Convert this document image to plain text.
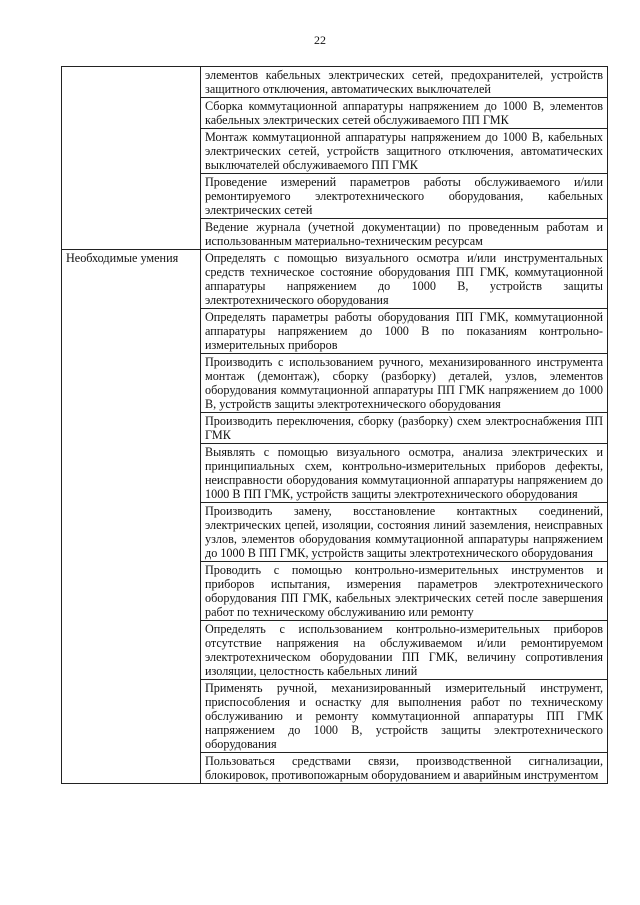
22
	элементов кабельных электрических сетей, предохранителей, устройств защитного отключения, автоматических выключателей
	Сборка коммутационной аппаратуры напряжением до 1000 В, элементов кабельных электрических сетей обслуживаемого ПП ГМК
	Монтаж коммутационной аппаратуры напряжением до 1000 В, кабельных электрических сетей, устройств защитного отключения, автоматических выключателей обслуживаемого ПП ГМК
	Проведение измерений параметров работы обслуживаемого и/или ремонтируемого электротехнического оборудования, кабельных электрических сетей
	Ведение журнала (учетной документации) по проведенным работам и использованным материально-техническим ресурсам
Необходимые умения	Определять с помощью визуального осмотра и/или инструментальных средств техническое состояние оборудования ПП ГМК, коммутационной аппаратуры напряжением до 1000 В, устройств защиты электротехнического оборудования
	Определять параметры работы оборудования ПП ГМК, коммутационной аппаратуры напряжением до 1000 В по показаниям контрольно-измерительных приборов
	Производить с использованием ручного, механизированного инструмента монтаж (демонтаж), сборку (разборку) деталей, узлов, элементов оборудования коммутационной аппаратуры ПП ГМК напряжением до 1000 В, устройств защиты электротехнического оборудования
	Производить переключения, сборку (разборку) схем электроснабжения ПП ГМК
	Выявлять с помощью визуального осмотра, анализа электрических и принципиальных схем, контрольно-измерительных приборов дефекты, неисправности оборудования коммутационной аппаратуры напряжением до 1000 В ПП ГМК, устройств защиты электротехнического оборудования
	Производить замену, восстановление контактных соединений, электрических цепей, изоляции, состояния линий заземления, неисправных узлов, элементов оборудования коммутационной аппаратуры напряжением до 1000 В ПП ГМК, устройств защиты электротехнического оборудования
	Проводить с помощью контрольно-измерительных инструментов и приборов испытания, измерения параметров электротехнического оборудования ПП ГМК, кабельных электрических сетей после завершения работ по техническому обслуживанию или ремонту
	Определять с использованием контрольно-измерительных приборов отсутствие напряжения на обслуживаемом и/или ремонтируемом электротехническом оборудовании ПП ГМК, величину сопротивления изоляции, целостность кабельных линий
	Применять ручной, механизированный измерительный инструмент, приспособления и оснастку для выполнения работ по техническому обслуживанию и ремонту коммутационной аппаратуры ПП ГМК напряжением до 1000 В, устройств защиты электротехнического оборудования
	Пользоваться средствами связи, производственной сигнализации, блокировок, противопожарным оборудованием и аварийным инструментом
